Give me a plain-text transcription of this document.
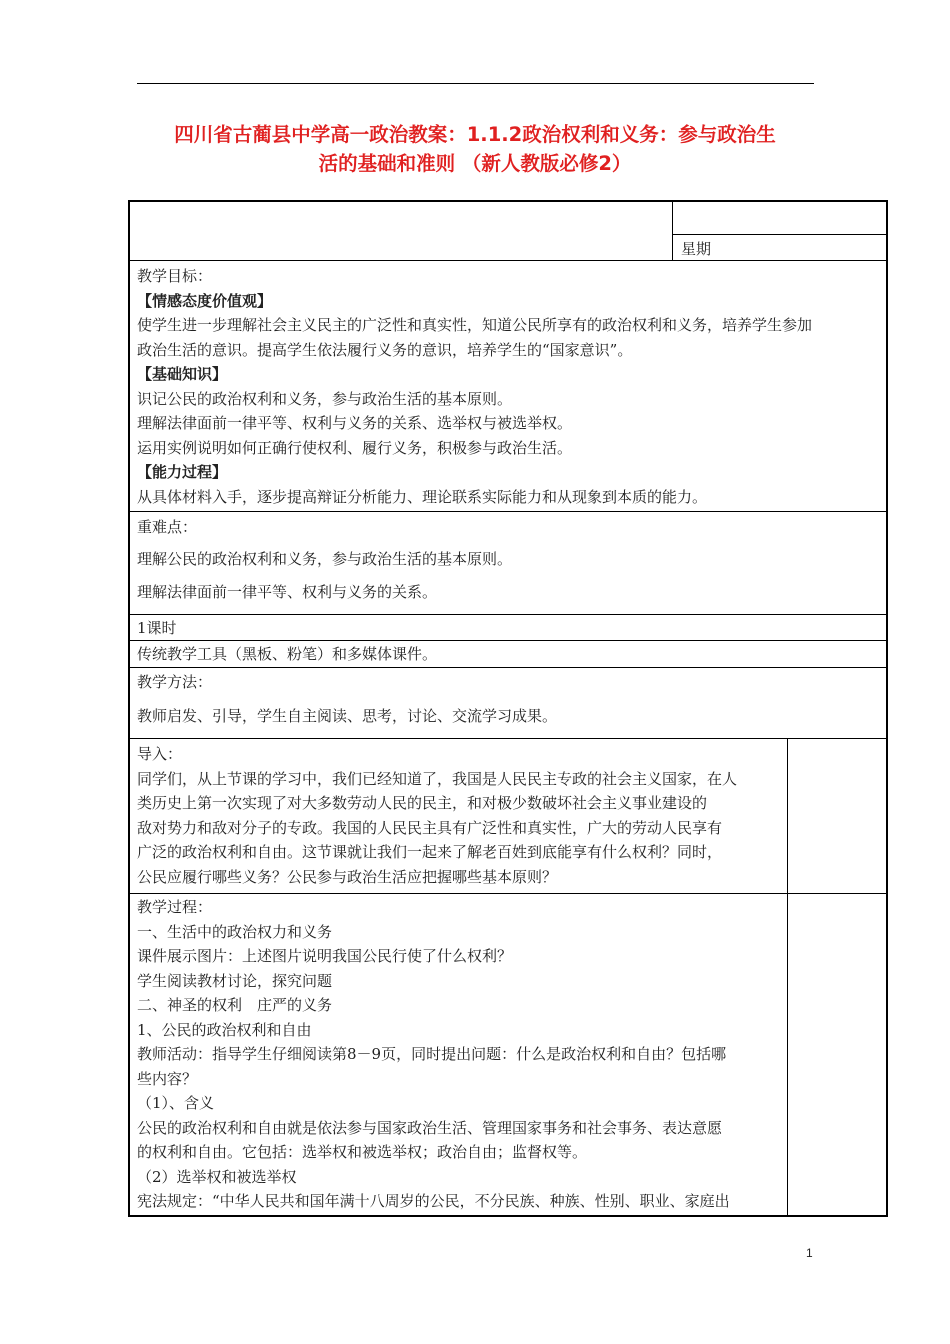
四川省古蔺县中学高一政治教案：1.1.2政治权利和义务：参与政治生
活的基础和准则 （新人教版必修2）
星期
教学目标：
【情感态度价值观】
使学生进一步理解社会主义民主的广泛性和真实性，知道公民所享有的政治权利和义务，培养学生参加
政治生活的意识。提高学生依法履行义务的意识，培养学生的“国家意识”。
【基础知识】
识记公民的政治权利和义务，参与政治生活的基本原则。
理解法律面前一律平等、权利与义务的关系、选举权与被选举权。
运用实例说明如何正确行使权利、履行义务，积极参与政治生活。
【能力过程】
从具体材料入手，逐步提高辩证分析能力、理论联系实际能力和从现象到本质的能力。
重难点：
理解公民的政治权利和义务，参与政治生活的基本原则。
理解法律面前一律平等、权利与义务的关系。
1课时
传统教学工具（黑板、粉笔）和多媒体课件。
教学方法：
教师启发、引导，学生自主阅读、思考，讨论、交流学习成果。
导入：
同学们，从上节课的学习中，我们已经知道了，我国是人民民主专政的社会主义国家，在人
类历史上第一次实现了对大多数劳动人民的民主，和对极少数破坏社会主义事业建设的
敌对势力和敌对分子的专政。我国的人民民主具有广泛性和真实性，广大的劳动人民享有
广泛的政治权利和自由。这节课就让我们一起来了解老百姓到底能享有什么权利？同时，
公民应履行哪些义务？公民参与政治生活应把握哪些基本原则？
教学过程：
一、生活中的政治权力和义务
课件展示图片：上述图片说明我国公民行使了什么权利？
学生阅读教材讨论，探究问题
二、神圣的权利　庄严的义务
1、公民的政治权利和自由
教师活动：指导学生仔细阅读第8－9页，同时提出问题：什么是政治权利和自由？包括哪
些内容？
（1）、含义
公民的政治权利和自由就是依法参与国家政治生活、管理国家事务和社会事务、表达意愿
的权利和自由。它包括：选举权和被选举权；政治自由；监督权等。
（2）选举权和被选举权
宪法规定：“中华人民共和国年满十八周岁的公民，不分民族、种族、性别、职业、家庭出
1
